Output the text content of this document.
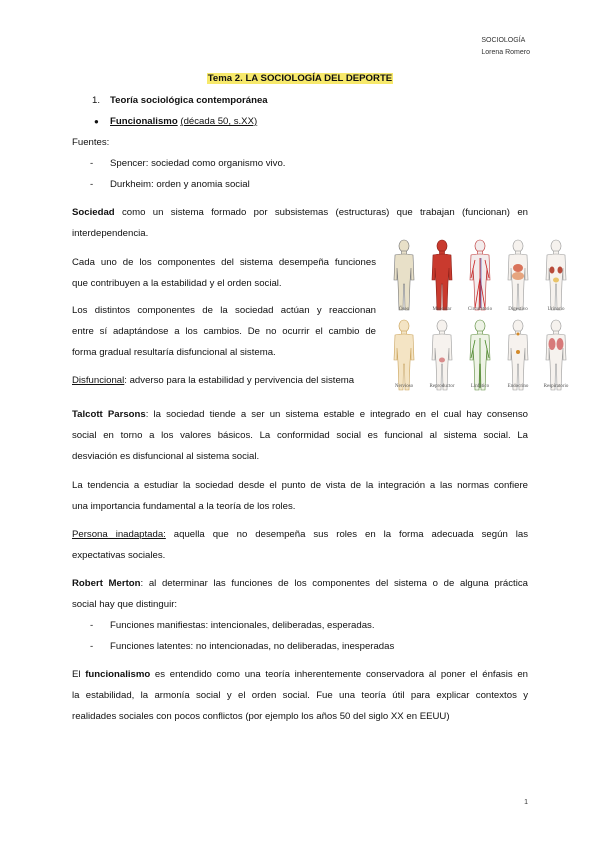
SOCIOLOGÍA
Lorena Romero
Tema 2. LA SOCIOLOGÍA DEL DEPORTE
1. Teoría sociológica contemporánea
● Funcionalismo (década 50, s.XX)
Fuentes:
- Spencer: sociedad como organismo vivo.
- Durkheim: orden y anomia social
Sociedad como un sistema formado por subsistemas (estructuras) que trabajan (funcionan) en
interdependencia.
Cada uno de los componentes del sistema desempeña funciones
que contribuyen a la estabilidad y el orden social.
Los distintos componentes de la sociedad actúan y reaccionan
entre sí adaptándose a los cambios. De no ocurrir el cambio de
forma gradual resultaría disfuncional al sistema.
Disfuncional: adverso para la estabilidad y pervivencia del sistema
Talcott Parsons: la sociedad tiende a ser un sistema estable e integrado en el cual hay consenso
social en torno a los valores básicos. La conformidad social es funcional al sistema social. La
desviación es disfuncional al sistema social.
La tendencia a estudiar la sociedad desde el punto de vista de la integración a las normas confiere
una importancia fundamental a la teoría de los roles.
Persona inadaptada: aquella que no desempeña sus roles en la forma adecuada según las
expectativas sociales.
Robert Merton: al determinar las funciones de los componentes del sistema o de alguna práctica
social hay que distinguir:
- Funciones manifiestas: intencionales, deliberadas, esperadas.
- Funciones latentes: no intencionadas, no deliberadas, inesperadas
El funcionalismo es entendido como una teoría inherentemente conservadora al poner el énfasis en
la estabilidad, la armonía social y el orden social. Fue una teoría útil para explicar contextos y
realidades sociales con pocos conflictos (por ejemplo los años 50 del siglo XX en EEUU)
Óseo	Muscular	Circulatorio	Digestivo	Urinario
Nervioso	Reproductor	Linfático	Endocrino	Respiratorio
1
